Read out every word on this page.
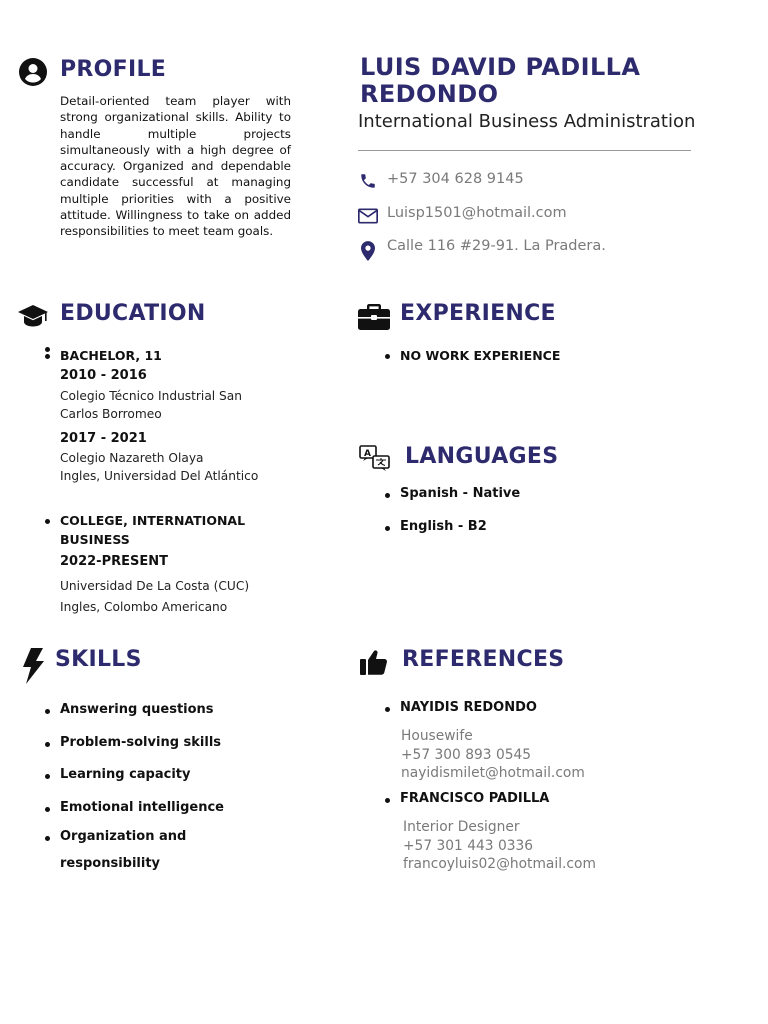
LUIS DAVID PADILLA REDONDO
International Business Administration
+57 304 628 9145
Luisp1501@hotmail.com
Calle 116 #29-91. La Pradera.
PROFILE
Detail-oriented team player with strong organizational skills. Ability to handle multiple projects simultaneously with a high degree of accuracy. Organized and dependable candidate successful at managing multiple priorities with a positive attitude. Willingness to take on added responsibilities to meet team goals.
EDUCATION
BACHELOR, 11
2010 - 2016
Colegio Técnico Industrial San
Carlos Borromeo
2017 - 2021
Colegio Nazareth Olaya
Ingles, Universidad Del Atlántico
COLLEGE, INTERNATIONAL
BUSINESS
2022-PRESENT
Universidad De La Costa (CUC)
Ingles, Colombo Americano
EXPERIENCE
NO WORK EXPERIENCE
A LANGUAGES
Spanish - Native
English - B2
SKILLS
Answering questions
Problem-solving skills
Learning capacity
Emotional intelligence
Organization and
responsibility
REFERENCES
NAYIDIS REDONDO
Housewife
+57 300 893 0545
nayidismilet@hotmail.com
FRANCISCO PADILLA
Interior Designer
+57 301 443 0336
francoyluis02@hotmail.com
